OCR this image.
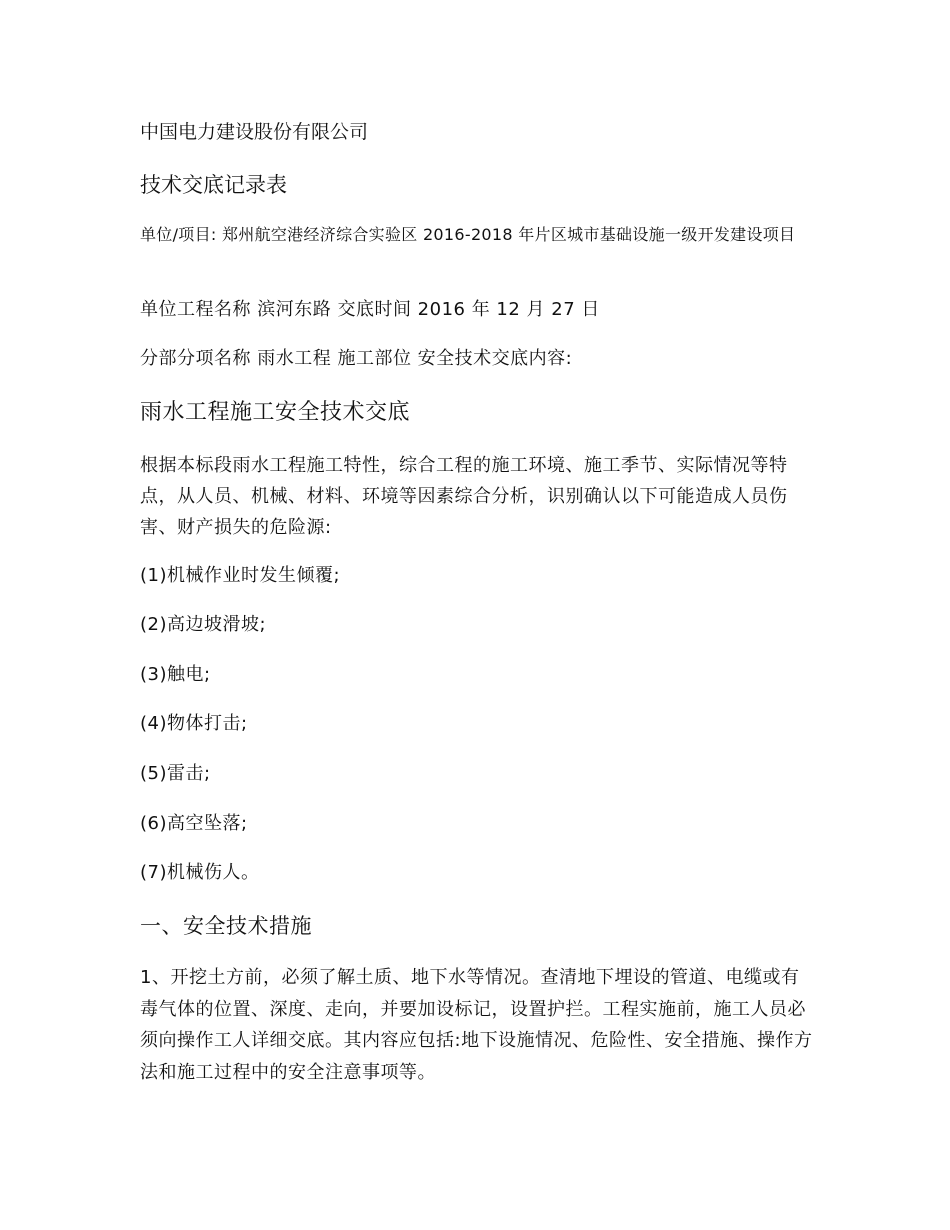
中国电力建设股份有限公司

技术交底记录表

单位/项目: 郑州航空港经济综合实验区 2016-2018 年片区城市基础设施一级开发建设项目

单位工程名称 滨河东路 交底时间 2016 年 12 月 27 日

分部分项名称 雨水工程 施工部位 安全技术交底内容:

雨水工程施工安全技术交底

根据本标段雨水工程施工特性，综合工程的施工环境、施工季节、实际情况等特点，从人员、机械、材料、环境等因素综合分析，识别确认以下可能造成人员伤害、财产损失的危险源:

(1)机械作业时发生倾覆;

(2)高边坡滑坡;

(3)触电;

(4)物体打击;

(5)雷击;

(6)高空坠落;

(7)机械伤人。

一、安全技术措施

1、开挖土方前，必须了解土质、地下水等情况。查清地下埋设的管道、电缆或有毒气体的位置、深度、走向，并要加设标记，设置护拦。工程实施前，施工人员必须向操作工人详细交底。其内容应包括:地下设施情况、危险性、安全措施、操作方法和施工过程中的安全注意事项等。
